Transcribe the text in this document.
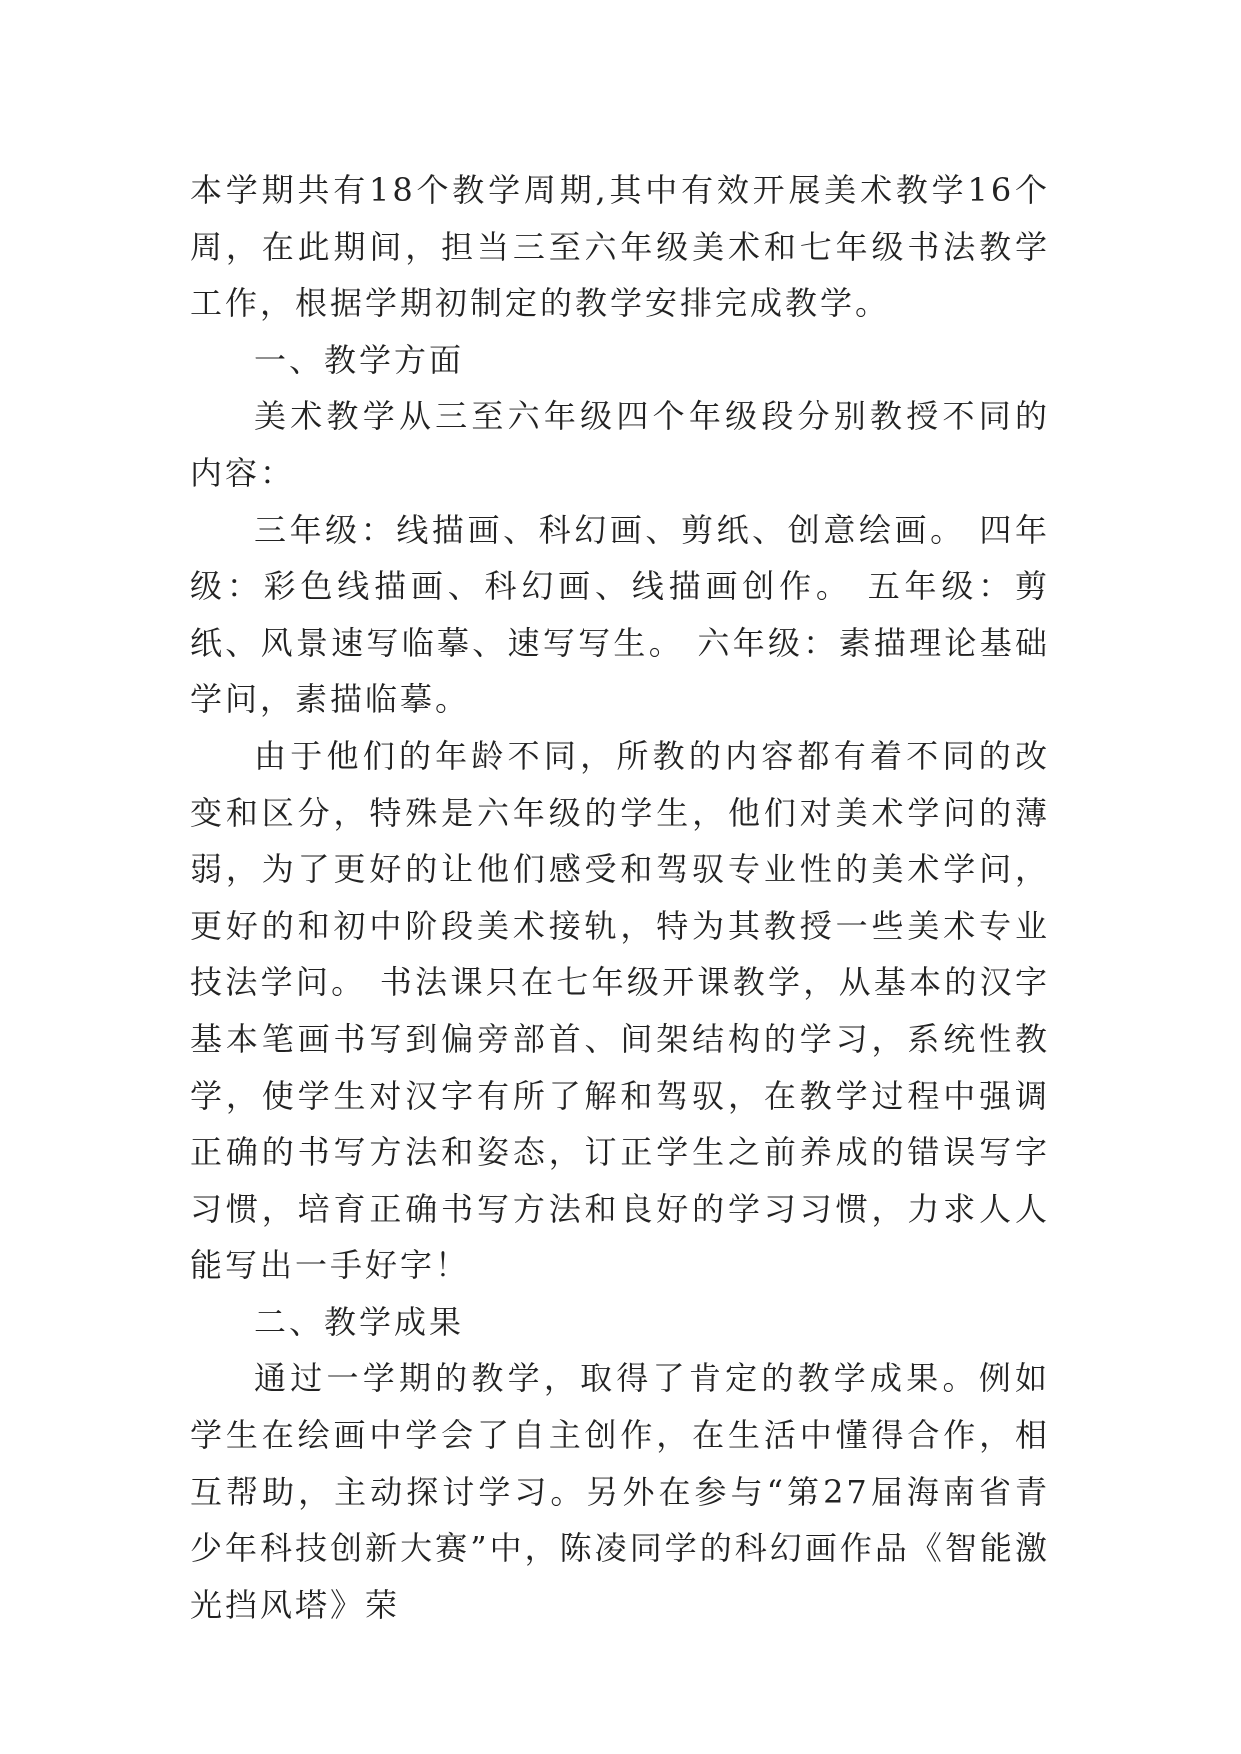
本学期共有18个教学周期,其中有效开展美术教学16个周，在此期间，担当三至六年级美术和七年级书法教学工作，根据学期初制定的教学安排完成教学。

一、教学方面

美术教学从三至六年级四个年级段分别教授不同的内容：

三年级：线描画、科幻画、剪纸、创意绘画。 四年级：彩色线描画、科幻画、线描画创作。 五年级：剪纸、风景速写临摹、速写写生。 六年级：素描理论基础学问，素描临摹。

由于他们的年龄不同，所教的内容都有着不同的改变和区分，特殊是六年级的学生，他们对美术学问的薄弱，为了更好的让他们感受和驾驭专业性的美术学问，更好的和初中阶段美术接轨，特为其教授一些美术专业技法学问。 书法课只在七年级开课教学，从基本的汉字基本笔画书写到偏旁部首、间架结构的学习，系统性教学，使学生对汉字有所了解和驾驭，在教学过程中强调正确的书写方法和姿态，订正学生之前养成的错误写字习惯，培育正确书写方法和良好的学习习惯，力求人人能写出一手好字！

二、教学成果

通过一学期的教学，取得了肯定的教学成果。例如学生在绘画中学会了自主创作，在生活中懂得合作，相互帮助，主动探讨学习。另外在参与“第27届海南省青少年科技创新大赛”中，陈凌同学的科幻画作品《智能激光挡风塔》荣
